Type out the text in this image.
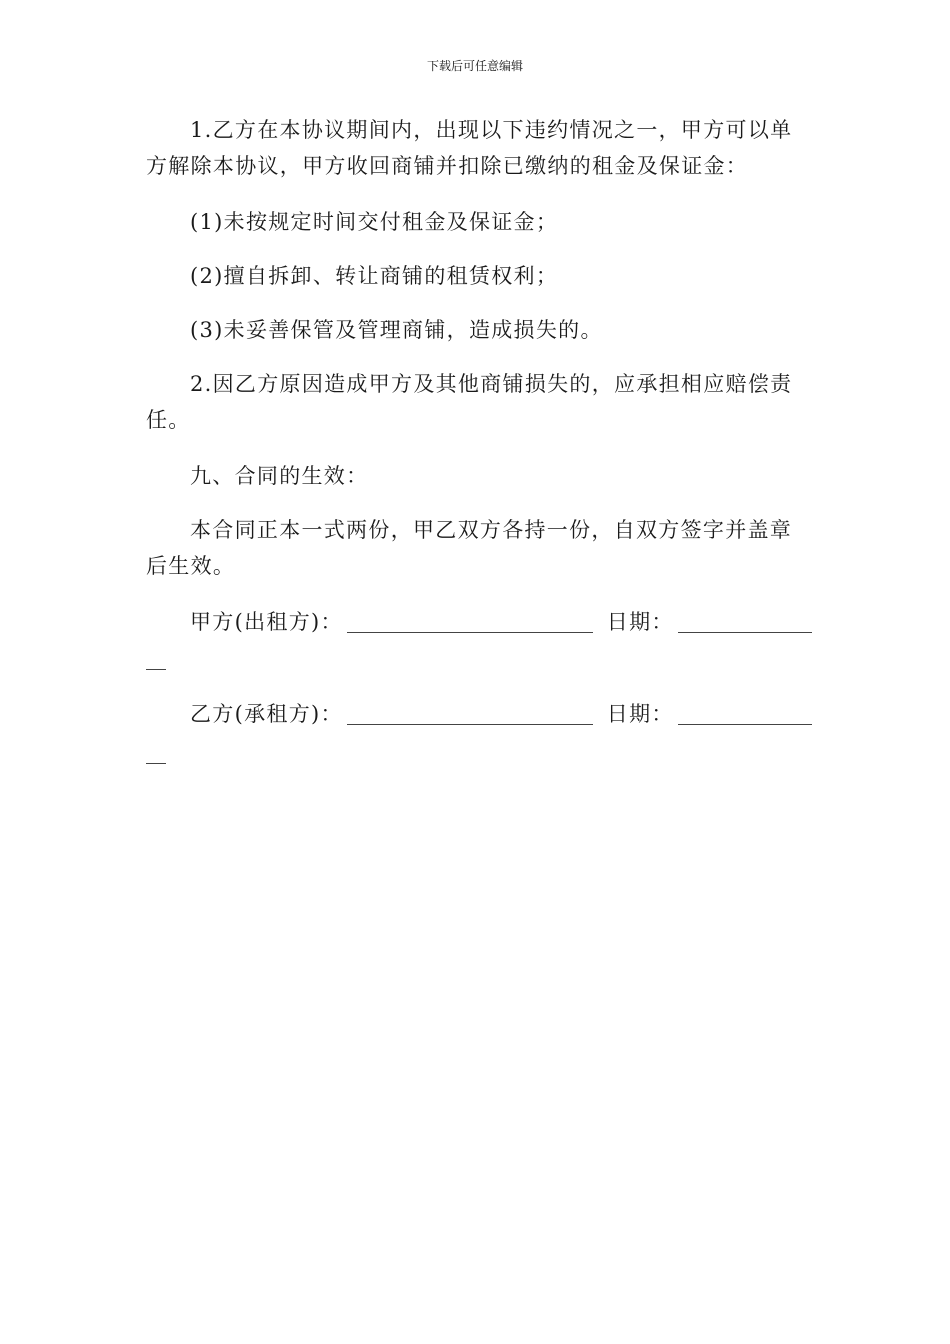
下载后可任意编辑

1.乙方在本协议期间内，出现以下违约情况之一，甲方可以单方解除本协议，甲方收回商铺并扣除已缴纳的租金及保证金：

(1)未按规定时间交付租金及保证金；

(2)擅自拆卸、转让商铺的租赁权利；

(3)未妥善保管及管理商铺，造成损失的。

2.因乙方原因造成甲方及其他商铺损失的，应承担相应赔偿责任。

九、合同的生效：

本合同正本一式两份，甲乙双方各持一份，自双方签字并盖章后生效。

甲方(出租方)：	日期：
乙方(承租方)：	日期：
